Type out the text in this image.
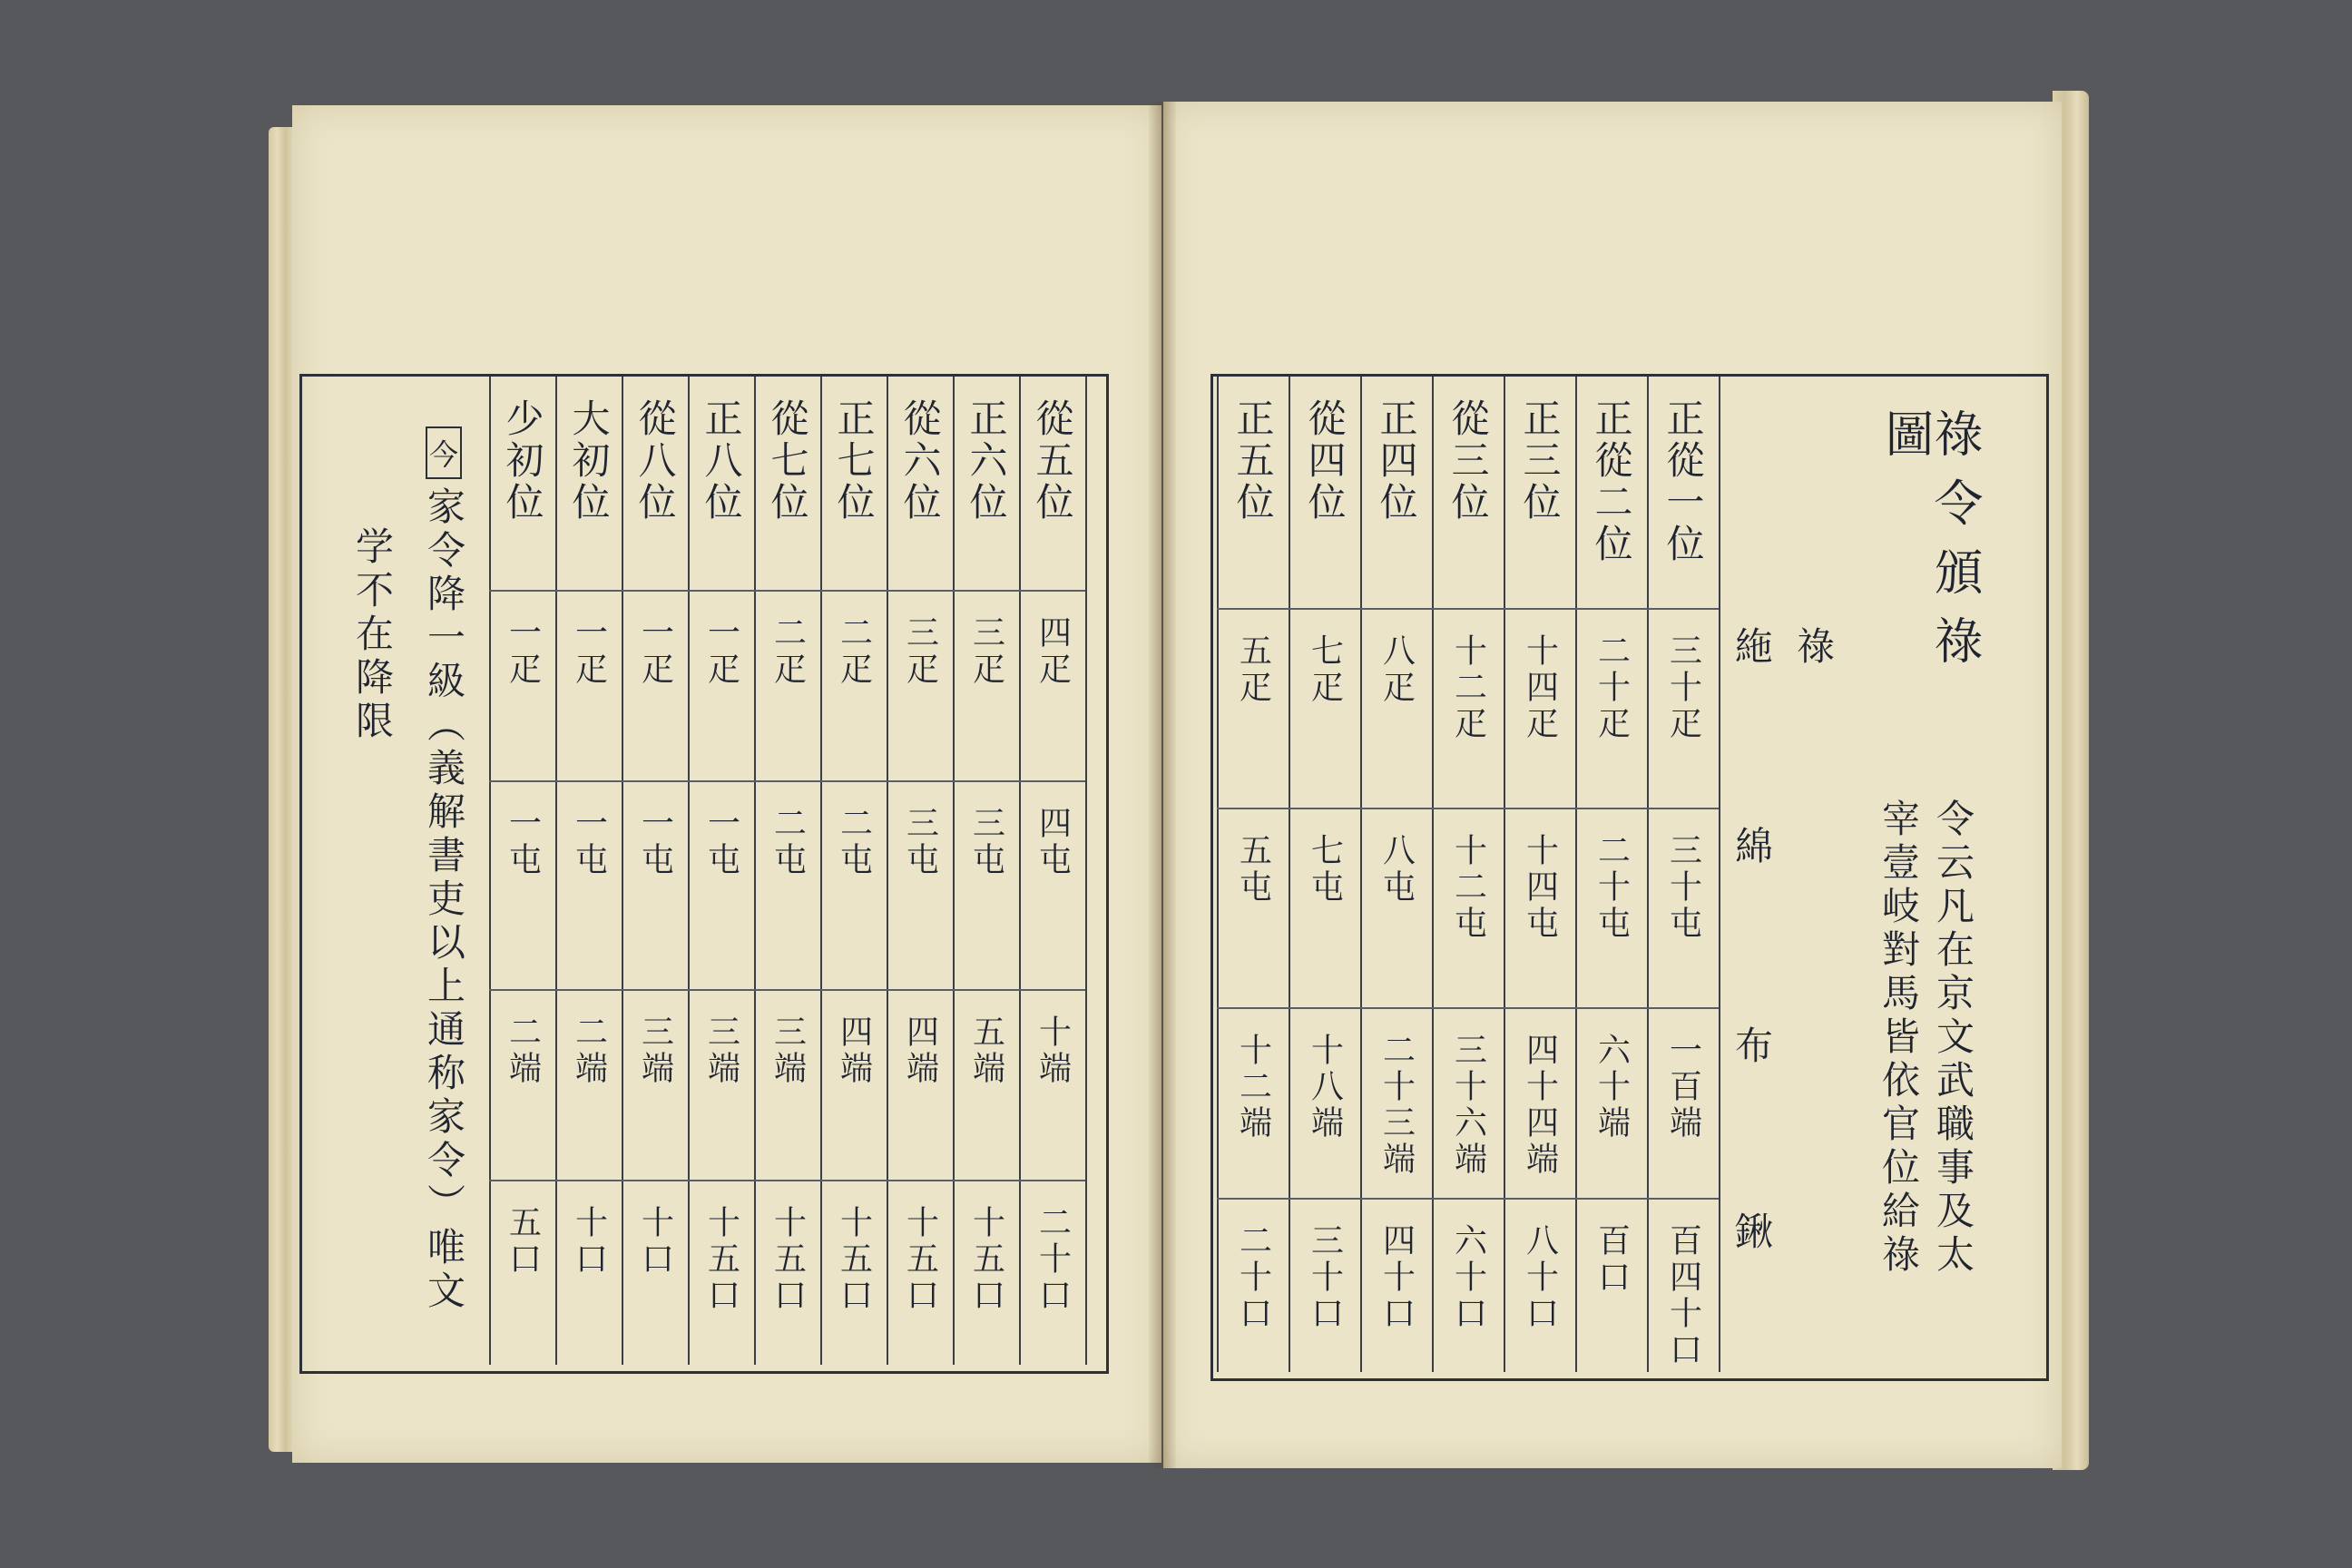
祿令頒祿圖
令云凡在京文武職事及太
宰壹岐對馬皆依官位給祿
祿
絁
綿
布
鍬
今
家令降一級（義解書吏以上通称家令）唯文
学不在降限
正從一位
三十疋
三十屯
一百端
百四十口
正從二位
二十疋
二十屯
六十端
百口
正三位
十四疋
十四屯
四十四端
八十口
從三位
十二疋
十二屯
三十六端
六十口
正四位
八疋
八屯
二十三端
四十口
從四位
七疋
七屯
十八端
三十口
正五位
五疋
五屯
十二端
二十口
從五位
四疋
四屯
十端
二十口
正六位
三疋
三屯
五端
十五口
從六位
三疋
三屯
四端
十五口
正七位
二疋
二屯
四端
十五口
從七位
二疋
二屯
三端
十五口
正八位
一疋
一屯
三端
十五口
從八位
一疋
一屯
三端
十口
大初位
一疋
一屯
二端
十口
少初位
一疋
一屯
二端
五口
